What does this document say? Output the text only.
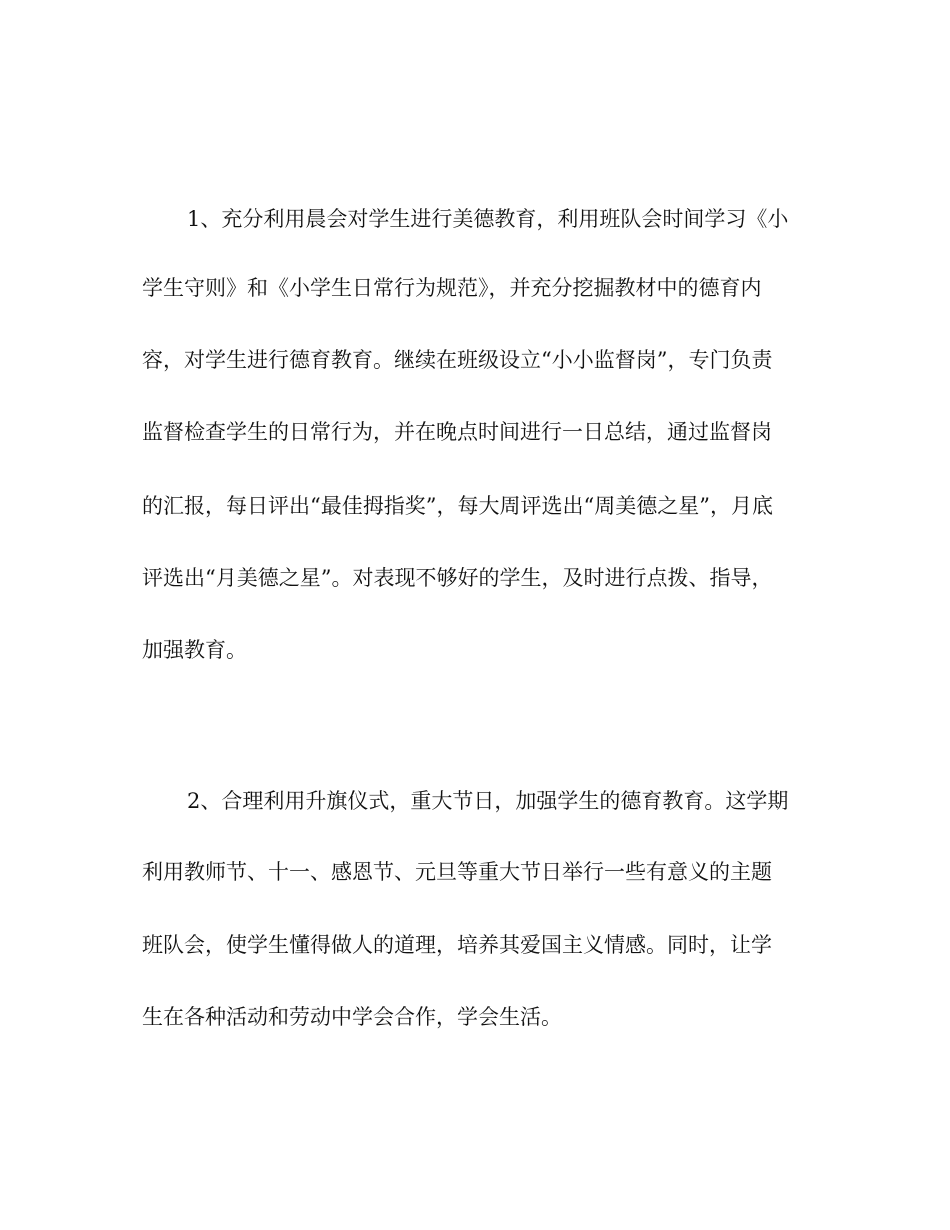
1、充分利用晨会对学生进行美德教育，利用班队会时间学习《小
学生守则》和《小学生日常行为规范》，并充分挖掘教材中的德育内
容，对学生进行德育教育。继续在班级设立“小小监督岗”，专门负责
监督检查学生的日常行为，并在晚点时间进行一日总结，通过监督岗
的汇报，每日评出“最佳拇指奖”，每大周评选出“周美德之星”，月底
评选出“月美德之星”。对表现不够好的学生，及时进行点拨、指导，
加强教育。
2、合理利用升旗仪式，重大节日，加强学生的德育教育。这学期
利用教师节、十一、感恩节、元旦等重大节日举行一些有意义的主题
班队会，使学生懂得做人的道理，培养其爱国主义情感。同时，让学
生在各种活动和劳动中学会合作，学会生活。
